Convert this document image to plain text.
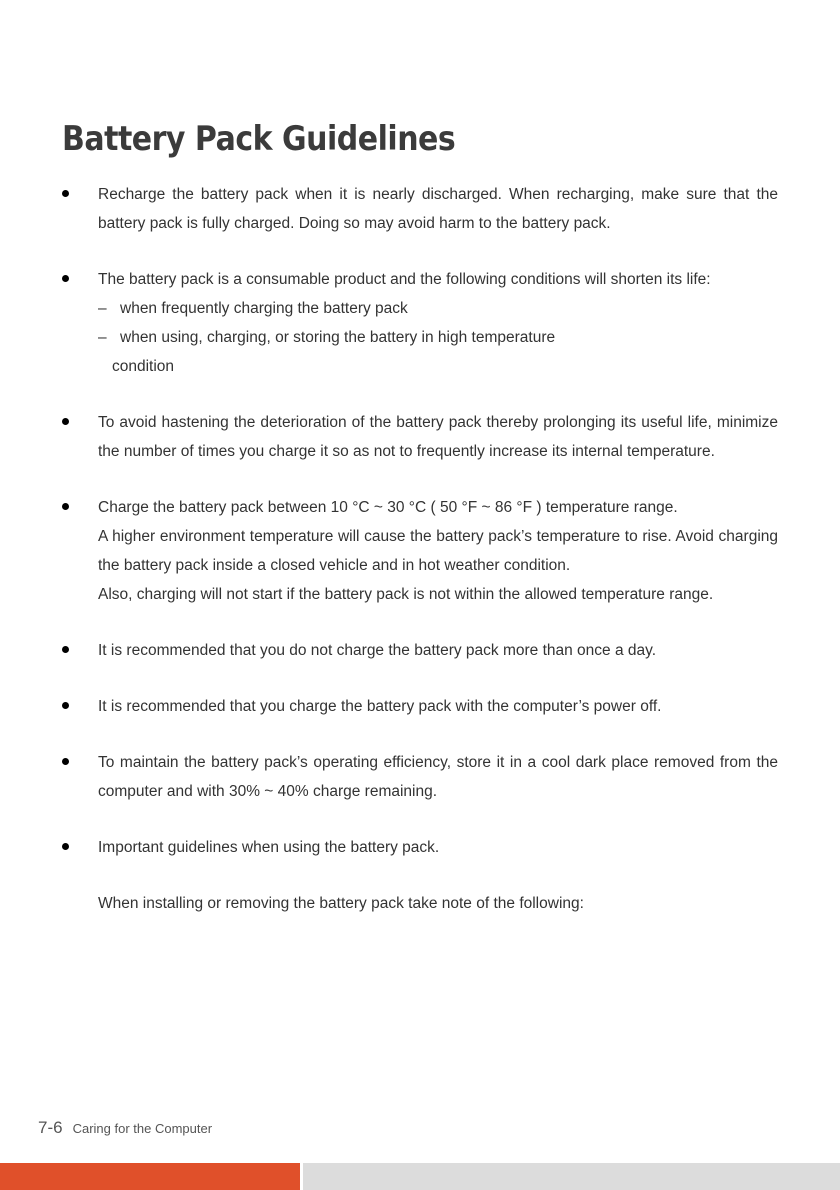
Battery Pack Guidelines

Recharge the battery pack when it is nearly discharged. When recharging, make sure that the battery pack is fully charged. Doing so may avoid harm to the battery pack.

The battery pack is a consumable product and the following conditions will shorten its life:

– when frequently charging the battery pack
– when using, charging, or storing the battery in high temperature
condition

To avoid hastening the deterioration of the battery pack thereby prolonging its useful life, minimize the number of times you charge it so as not to frequently increase its internal temperature.

Charge the battery pack between 10 °C ~ 30 °C ( 50 °F ~ 86 °F ) temperature range.

A higher environment temperature will cause the battery pack’s temperature to rise. Avoid charging the battery pack inside a closed vehicle and in hot weather condition.

Also, charging will not start if the battery pack is not within the allowed temperature range.

It is recommended that you do not charge the battery pack more than once a day.

It is recommended that you charge the battery pack with the computer’s power off.

To maintain the battery pack’s operating efficiency, store it in a cool dark place removed from the computer and with 30% ~ 40% charge remaining.

Important guidelines when using the battery pack.

When installing or removing the battery pack take note of the following:

7-6 Caring for the Computer
